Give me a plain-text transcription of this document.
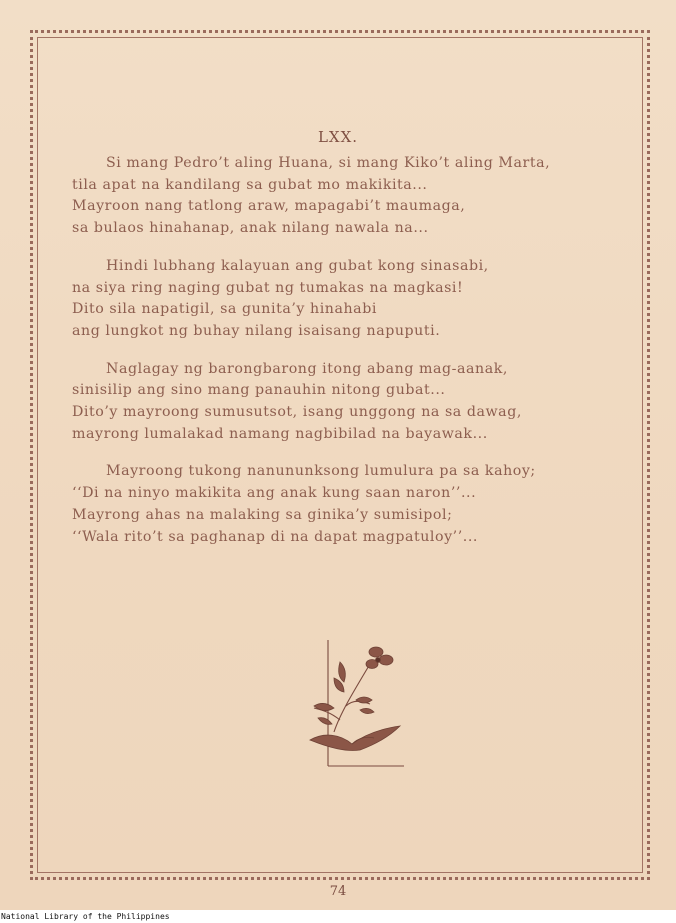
LXX.
Si mang Pedro’t aling Huana, si mang Kiko’t aling Marta,
tila apat na kandilang sa gubat mo makikita...
Mayroon nang tatlong araw, mapagabi’t maumaga,
sa bulaos hinahanap, anak nilang nawala na...
Hindi lubhang kalayuan ang gubat kong sinasabi,
na siya ring naging gubat ng tumakas na magkasi!
Dito sila napatigil, sa gunita’y hinahabi
ang lungkot ng buhay nilang isaisang napuputi.
Naglagay ng barongbarong itong abang mag-aanak,
sinisilip ang sino mang panauhin nitong gubat...
Dito’y mayroong sumusutsot, isang unggong na sa dawag,
mayrong lumalakad namang nagbibilad na bayawak...
Mayroong tukong nanununksong lumulura pa sa kahoy;
‘‘Di na ninyo makikita ang anak kung saan naron’’...
Mayrong ahas na malaking sa ginika’y sumisipol;
‘‘Wala rito’t sa paghanap di na dapat magpatuloy’’...
74
National Library of the Philippines
